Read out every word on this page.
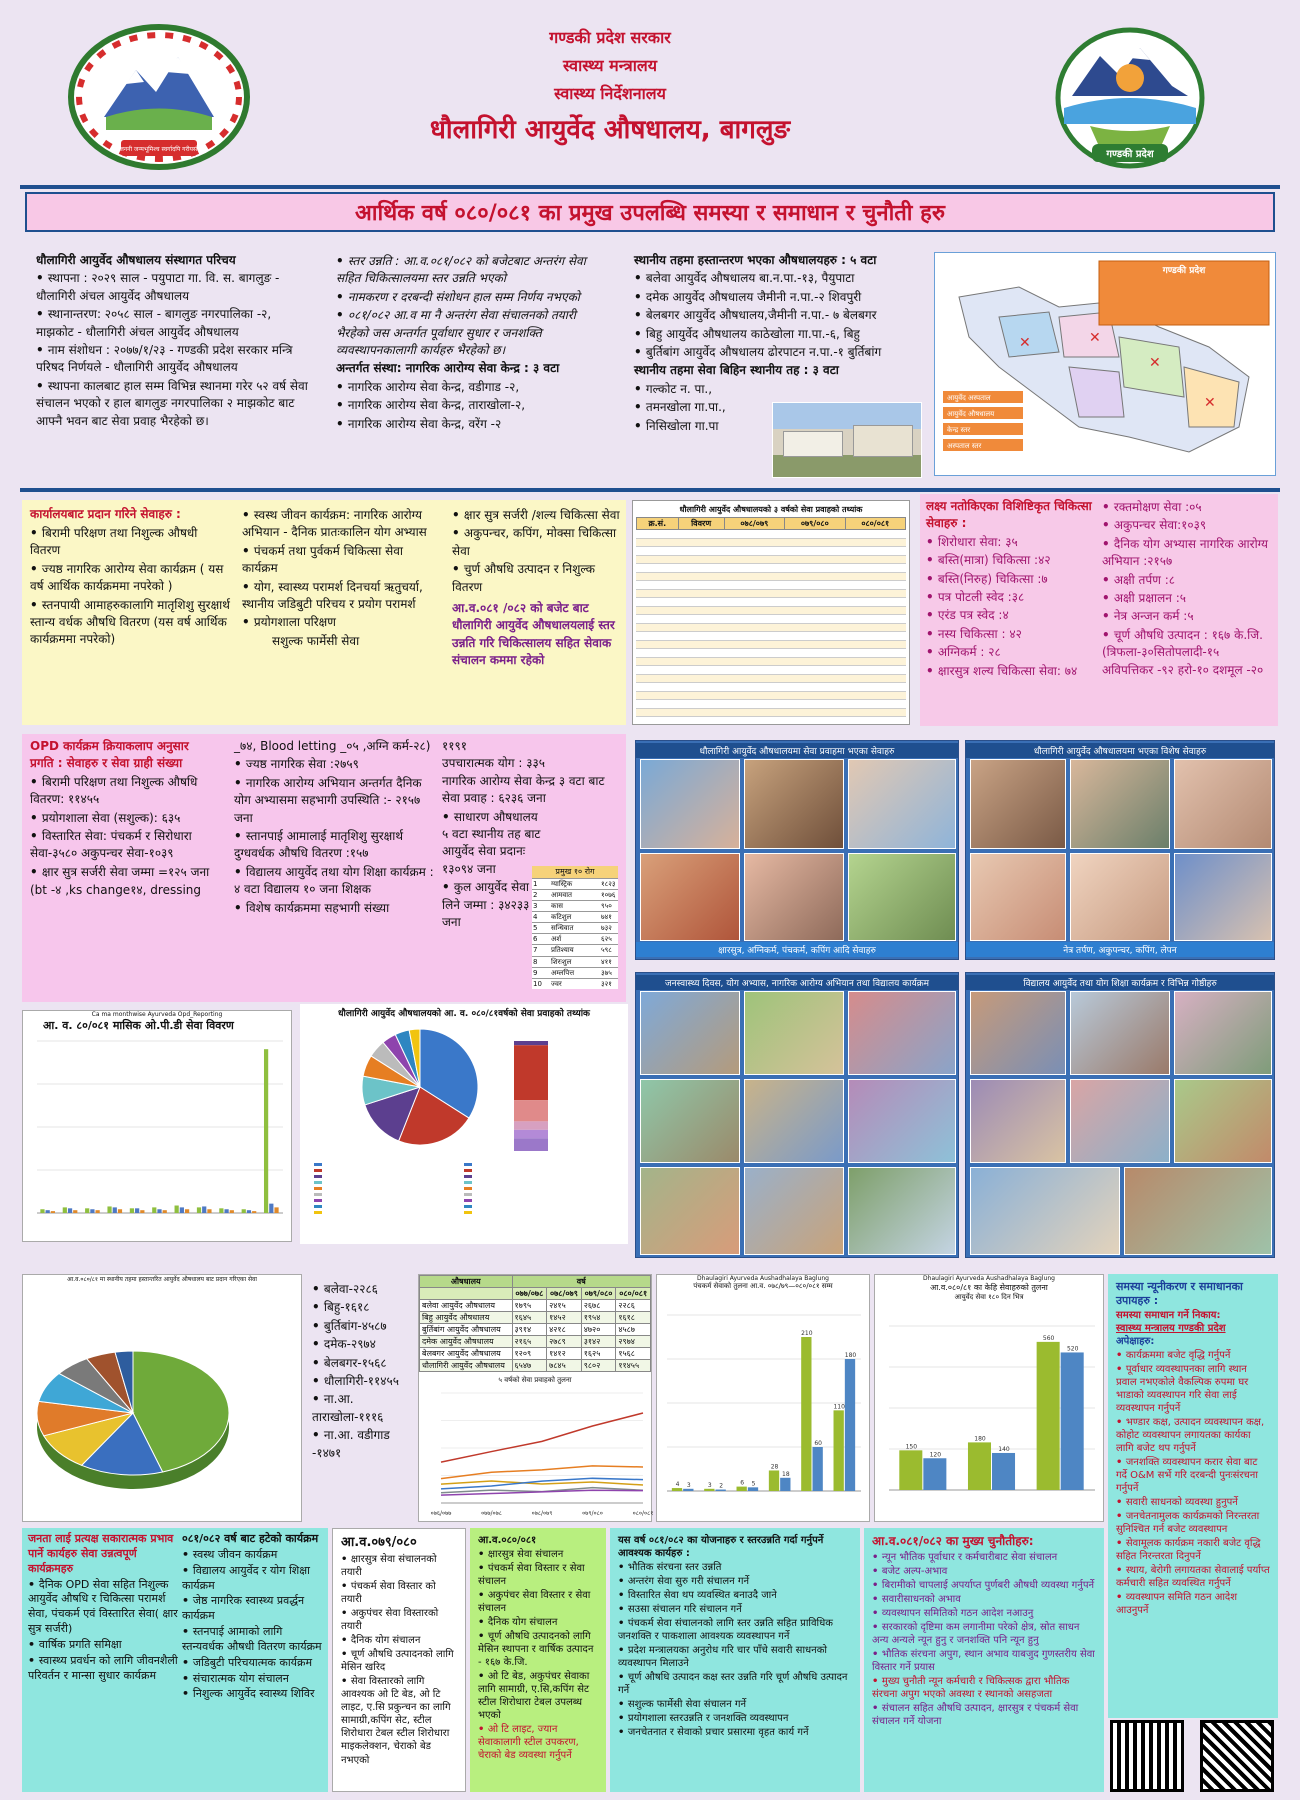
जननी जन्मभूमिश्च स्वर्गादपि गरीयसी
गण्डकी प्रदेश सरकार
स्वास्थ्य मन्त्रालय
स्वास्थ्य निर्देशनालय
धौलागिरी आयुर्वेद औषधालय, बागलुङ
गण्डकी प्रदेश
आर्थिक वर्ष ०८०/०८१ का प्रमुख उपलब्धि समस्या र समाधान र चुनौती हरु
धौलागिरी आयुर्वेद औषधालय संस्थागत परिचय
• स्थापना : २०२९ साल - पयुपाटा गा. वि. स. बागलुङ - धौलागिरी अंचल आयुर्वेद औषधालय
• स्थानान्तरण: २०५८ साल - बागलुङ नगरपालिका -२, माझकोट - धौलागिरी अंचल आयुर्वेद औषधालय
• नाम संशोधन : २०७७/१/२३ - गण्डकी प्रदेश सरकार मन्त्रि परिषद निर्णयले - धौलागिरी आयुर्वेद औषधालय
• स्थापना कालबाट हाल सम्म विभिन्न स्थानमा गरेर ५२ वर्ष सेवा संचालन भएको र हाल बागलुङ नगरपालिका २ माझकोट बाट आफ्नै भवन बाट सेवा प्रवाह भैरहेको छ।
• स्तर उन्नति : आ.व.०८१/०८२ को बजेटबाट अन्तरंग सेवा सहित चिकित्सालयमा स्तर उन्नति भएको
• नामकरण र दरबन्दी संशोधन हाल सम्म निर्णय नभएको
• ०८१/०८२ आ.व मा नै अन्तरंग सेवा संचालनको तयारी भैरहेको जस अन्तर्गत पूर्वाधार सुधार र जनशक्ति व्यवस्थापनकालागी कार्यहरु भैरहेको छ।
अन्तर्गत संस्था: नागरिक आरोग्य सेवा केन्द्र : ३ वटा
• नागरिक आरोग्य सेवा केन्द्र, वडीगाड -२,
• नागरिक आरोग्य सेवा केन्द्र, ताराखोला-२,
• नागरिक आरोग्य सेवा केन्द्र, वरेंग -२
स्थानीय तहमा हस्तान्तरण भएका औषधालयहरु : ५ वटा
• बलेवा आयुर्वेद औषधालय बा.न.पा.-१३, पैयुपाटा
• दमेक आयुर्वेद औषधालय जैमीनी न.पा.-२ शिवपुरी
• बेलबगर आयुर्वेद औषधालय,जैमीनी न.पा.- ७ बेलबगर
• बिहु आयुर्वेद औषधालय काठेखोला गा.पा.-६, बिहु
• बुर्तिबांग आयुर्वेद औषधालय ढोरपाटन न.पा.-१ बुर्तिबांग
स्थानीय तहमा सेवा बिहिन स्थानीय तह : ३ वटा
• गल्कोट न. पा.,
• तमनखोला गा.पा.,
• निसिखोला गा.पा
गण्डकी प्रदेश
आयुर्वेद अस्पताल
आयुर्वेद औषधालय
केन्द्र स्तर
अस्पताल स्तर
✕	✕
✕
✕
कार्यालयबाट प्रदान गरिने सेवाहरु :
• बिरामी परिक्षण तथा निशुल्क औषधी वितरण
• ज्यष्ठ नागरिक आरोग्य सेवा कार्यक्रम ( यस वर्ष आर्थिक कार्यक्रममा नपरेको )
• स्तनपायी आमाहरुकालागि मातृशिशु सुरक्षार्थ स्तान्य वर्धक औषधि वितरण (यस वर्ष आर्थिक कार्यक्रममा नपरेको)
• स्वस्थ जीवन कार्यक्रम: नागरिक आरोग्य अभियान - दैनिक प्रातःकालिन योग अभ्यास
• पंचकर्म तथा पुर्वकर्म चिकित्सा सेवा कार्यक्रम
• योग, स्वास्थ्य परामर्श दिनचर्या ऋतुचर्या, स्थानीय जडिबुटी परिचय र प्रयोग परामर्श
• प्रयोगशाला परिक्षण
सशुल्क फार्मेसी सेवा
• क्षार सुत्र सर्जरी /शल्य चिकित्सा सेवा
• अकुपन्चर, कपिंग, मोक्सा चिकित्सा सेवा
• चुर्ण औषधि उत्पादन र निशुल्क वितरण
आ.व.०८१ /०८२ को बजेट बाट धौलागिरी आयुर्वेद औषधालयलाई स्तर उन्नति गरि चिकित्सालय सहित सेवाक संचालन कममा रहेको
धौलागिरी आयुर्वेद औषधालयको ३ वर्षको सेवा प्रवाहको तथ्यांक
क्र.सं.	विवरण	०७८/०७९	०७९/०८०	०८०/०८१
लक्ष्य नतोकिएका विशिष्टिकृत चिकित्सा सेवाहरु :
• शिरोधारा सेवा: ३५
• बस्ति(मात्रा) चिकित्सा :४२
• बस्ति(निरुह) चिकित्सा :७
• पत्र पोटली स्वेद :३८
• एरंड पत्र स्वेद :४
• नस्य चिकित्सा : ४२
• अग्निकर्म : २८
• क्षारसुत्र शल्य चिकित्सा सेवा: ७४
• रक्तमोक्षण सेवा :०५
• अकुपन्चर सेवा:१०३९
• दैनिक योग अभ्यास नागरिक आरोग्य अभियान :२१५७
• अक्षी तर्पण :८
• अक्षी प्रक्षालन :५
• नेत्र अन्जन कर्म :५
• चूर्ण औषधि उत्पादन : १६७ के.जि.(त्रिफला-३०सितोपलादी-१५ अविपत्तिकर -९२ हरो-१० दशमूल -२०
OPD कार्यक्रम क्रियाकलाप अनुसार
प्रगति : सेवाहरु र सेवा ग्राही संख्या
• बिरामी परिक्षण तथा निशुल्क औषधि वितरण: ११४५५
• प्रयोगशाला सेवा (सशुल्क): ६३५
• विस्तारित सेवा: पंचकर्म र सिरोधारा सेवा-३५८० अकुपन्चर सेवा-१०३९
• क्षार सुत्र सर्जरी सेवा जम्मा =१२५ जना
(bt -४ ,ks change१४, dressing
_७४, Blood letting _०५ ,अग्नि कर्म-२८)
• ज्यष्ठ नागरिक सेवा :२७५९
• नागरिक आरोग्य अभियान अन्तर्गत दैनिक योग अभ्यासमा सहभागी उपस्थिति :- २१५७ जना
• स्तानपाई आमालाई मातृशिशु सुरक्षार्थ दुग्धवर्धक औषधि वितरण :१५७
• विद्यालय आयुर्वेद तथा योग शिक्षा कार्यक्रम : ४ वटा विद्यालय १० जना शिक्षक
• विशेष कार्यक्रममा सहभागी संख्या
११९१
उपचारात्मक योग : ३३५
नागरिक आरोग्य सेवा केन्द्र ३ वटा बाट सेवा प्रवाह : ६२३६ जना
• साधारण औषधालय ५ वटा स्थानीय तह बाट आयुर्वेद सेवा प्रदानः १३०९४ जना
• कुल आयुर्वेद सेवा लिने जम्मा : ३४२३३ जना
प्रमुख १० रोग
1	ग्यास्ट्रिक	१८२३
2	आमवात	१०७६
3	कास	९५०
4	कटिशुल	७४१
5	सन्धिवात	७३२
6	अर्श	६२५
7	प्रतिश्याय	५९८
8	शिरःशुल	४११
9	अम्लपित्त	३७५
10	ज्वर	३२१
धौलागिरी आयुर्वेद औषधालयमा सेवा प्रवाहमा भएका सेवाहरु
क्षारसुत्र, अग्निकर्म, पंचकर्म, कपिंग आदि सेवाहरु
धौलागिरी आयुर्वेद औषधालयमा भएका विशेष सेवाहरु
नेत्र तर्पण, अकुपन्चर, कपिंग, लेपन
जनस्वास्थ्य दिवस, योग अभ्यास, नागरिक आरोग्य अभियान तथा विद्यालय कार्यक्रम	विद्यालय आयुर्वेद तथा योग शिक्षा कार्यक्रम र विभिन्न गोष्ठीहरु
Ca ma monthwise Ayurveda Opd_Reporting
आ. व. ८०/०८१ मासिक ओ.पी.डी सेवा विवरण
धौलागिरी आयुर्वेद औषधालयको आ. व. ०८०/८१वर्षको सेवा प्रवाहको तथ्यांक
आ.व.०८०/८१ मा स्थानीय तहमा हस्तान्तरित आयुर्वेद औषधालय बाट प्रदान गरिएका सेवा
• बलेवा-२२८६
• बिहु-१६१८
• बुर्तिबांग-४५८७
• दमेक-२९७४
• बेलबगर-१५६८
• धौलागिरी-११४५५
• ना.आ. ताराखोला-१११६
• ना.आ. वडीगाड -१४७१
औषधालय	वर्ष			
	०७७/०७८	०७८/०७९	०७९/०८०	०८०/०८१
बलेवा आयुर्वेद औषधालय	१७९५	२४१५	२६७८	२२८६
बिहु आयुर्वेद औषधालय	१६४५	१४५२	१९५४	१६१८
बुर्तिबांग आयुर्वेद औषधालय	३९१४	४२१८	४७२०	४५८७
दमेक आयुर्वेद औषधालय	२१६५	२७८९	३१४२	२९७४
बेलबगर आयुर्वेद औषधालय	१२०९	१४१२	१६२५	१५६८
धौलागिरी आयुर्वेद औषधालय	६५४७	७८४५	९८०२	११४५५
५ वर्षको सेवा प्रवाहको तुलना
०७६/०७७	०७७/०७८	०७८/०७९	०७९/०८०	०८०/०८१
Dhaulagiri Ayurveda Aushadhalaya Baglung
पंचकर्म सेवाको तुलना आ.व. ०७८/७९—०८०/०८१ सम्म
4 3	3 2	6 5
28
18
210
60
110
180
Dhaulagiri Ayurveda Aushadhalaya Baglung
आ.व.०८०/८१ का केहि सेवाहरुको तुलना
आयुर्वेद सेवा १८० दिन भित्र
150
120
180
140
560
520
समस्या न्यूनीकरण र समाधानका उपायहरु :
समस्या समाधान गर्ने निकाय:
स्वास्थ्य मन्त्रालय गण्डकी प्रदेश
अपेक्षाहरु:
• कार्यक्रममा बजेट वृद्धि गर्नुपर्ने
• पूर्वाधार व्यवस्थापनका लागि स्थान प्रवाल नभएकोले वैकल्पिक रुपमा घर भाडाको व्यवस्थापन गरि सेवा लाई व्यवस्थापन गर्नुपर्ने
• भण्डार कक्ष, उत्पादन व्यवस्थापन कक्ष, कोहोट व्यवस्थापन लगायतका कार्यका लागि बजेट थप गर्नुपर्ने
• जनशक्ति व्यवस्थापन करार सेवा बाट गर्दे O&M सर्भे गरि दरबन्दी पुनःसंरचना गर्नुपर्ने
• सवारी साधनको व्यवस्था हुनुपर्ने
• जनचेतनामुलक कार्यक्रमको निरन्तरता सुनिश्चित गर्न बजेट व्यवस्थापन
• सेवामूलक कार्यक्रम नकारी बजेट वृद्धि सहित निरन्तरता दिनुपर्ने
• स्थाय, बेरोगी लगायतका सेवालाई पर्याप्त कर्मचारी सहित व्यवस्थित गर्नुपर्ने
• व्यवस्थापन समिति गठन आदेश आउनुपर्ने
जनता लाई प्रत्यक्ष सकारात्मक प्रभाव पार्ने कार्यहरु सेवा उन्नत्वपूर्ण कार्यक्रमहरु
• दैनिक OPD सेवा सहित निशुल्क आयुर्वेद औषधि र चिकित्सा परामर्श सेवा, पंचकर्म एवं विस्तारित सेवा( क्षार सुत्र सर्जरी)
• वार्षिक प्रगति समिक्षा
• स्वास्थ्य प्रवर्धन को लागि जीवनशैली परिवर्तन र मान्सा सुधार कार्यक्रम
०८१/०८२ वर्ष बाट हटेको कार्यक्रम
• स्वस्थ जीवन कार्यक्रम
• विद्यालय आयुर्वेद र योग शिक्षा कार्यक्रम
• जेष्ठ नागरिक स्वास्थ्य प्रवर्द्धन कार्यक्रम
• स्तनपाई आमाको लागि स्तन्यवर्धक औषधी वितरण कार्यक्रम
• जडिबुटी परिचयात्मक कार्यक्रम
• संचारात्मक योग संचालन
• निशुल्क आयुर्वेद स्वास्थ्य शिविर
आ.व.०७९/०८०
• क्षारसुत्र सेवा संचालनको तयारी
• पंचकर्म सेवा विस्तार को तयारी
• अकुपंचर सेवा विस्तारको तयारी
• दैनिक योग संचालन
• चूर्ण औषधि उत्पादनको लागि मेसिन खरिद
• सेवा विस्तारको लागि आवश्यक ओ टि बेड, ओ टि लाइट, ए.सि प्रकुन्चन का लागि सामाग्री,कपिंग सेट, स्टील शिरोधारा टेबल स्टील शिरोधारा माइकलेक्शन, चेराको बेड
नभएको
आ.व.०८०/०८१
• क्षारसुत्र सेवा संचालन
• पंचकर्म सेवा विस्तार र सेवा संचालन
• अकुपंचर सेवा विस्तार र सेवा संचालन
• दैनिक योग संचालन
• चूर्ण औषधि उत्पादनको लागि मेसिन स्थापना र वार्षिक उत्पादन - १६७ के.जि.
• ओ टि बेड, अकुपंचर सेवाका लागि सामाग्री, ए.सि,कपिंग सेट स्टील शिरोधारा टेबल उपलब्ध भएको
• ओ टि लाइट, ज्यान सेवाकालागी स्टील उपकरण, चेराको बेड व्यवस्था गर्नुपर्ने
यस वर्ष ०८१/०८२ का योजनाहरु र स्तरउन्नति गर्दा गर्नुपर्ने आवश्यक कार्यहरु :
• भौतिक संरचना स्तर उन्नति
• अन्तरंग सेवा सुरु गरी संचालन गर्ने
• विस्तारित सेवा थप व्यवस्थित बनाउदै जाने
• सउसा संचालन गरि संचालन गर्ने
• पंचकर्म सेवा संचालनको लागि स्तर उन्नति सहित प्राविधिक जनशक्ति र पाकशाला आवश्यक व्यवस्थापन गर्ने
• प्रदेश मन्त्रालयका अनुरोध गरि चार पाँचे सवारी साधनको व्यवस्थापन मिलाउने
• चूर्ण औषधि उत्पादन कक्ष स्तर उन्नति गरि चूर्ण औषधि उत्पादन गर्ने
• सशुल्क फार्मेसी सेवा संचालन गर्ने
• प्रयोगशाला स्तरउन्नति र जनशक्ति व्यवस्थापन
• जनचेतनात र सेवाको प्रचार प्रसारमा वृहत कार्य गर्ने
आ.व.०८१/०८२ का मुख्य चुनौतीहरु:
• न्यून भौतिक पूर्वाधार र कर्मचारीबाट सेवा संचालन
• बजेट अल्प-अभाव
• बिरामीको चापलाई अपर्याप्त पुर्णबरी औषधी व्यवस्था गर्नुपर्ने
• सवारीसाधनको अभाव
• व्यवस्थापन समितिको गठन आदेश नआउनु
• सरकारको दृष्टिमा कम लगानीमा परेको क्षेत्र, स्रोत साधन अन्य अन्यले न्यून हुनु र जनशक्ति पनि न्यून हुनु
• भौतिक संरचना अपुग, स्थान अभाव याबजुद गुणस्तरीय सेवा विस्तार गर्ने प्रयास
• मुख्य चुनौती न्यून कर्मचारी र चिकित्सक द्वारा भौतिक संरचना अपुग भएको अवस्था र स्थानको असहजता
• संचालन सहित औषधि उत्पादन, क्षारसुत्र र पंचकर्म सेवा संचालन गर्ने योजना
